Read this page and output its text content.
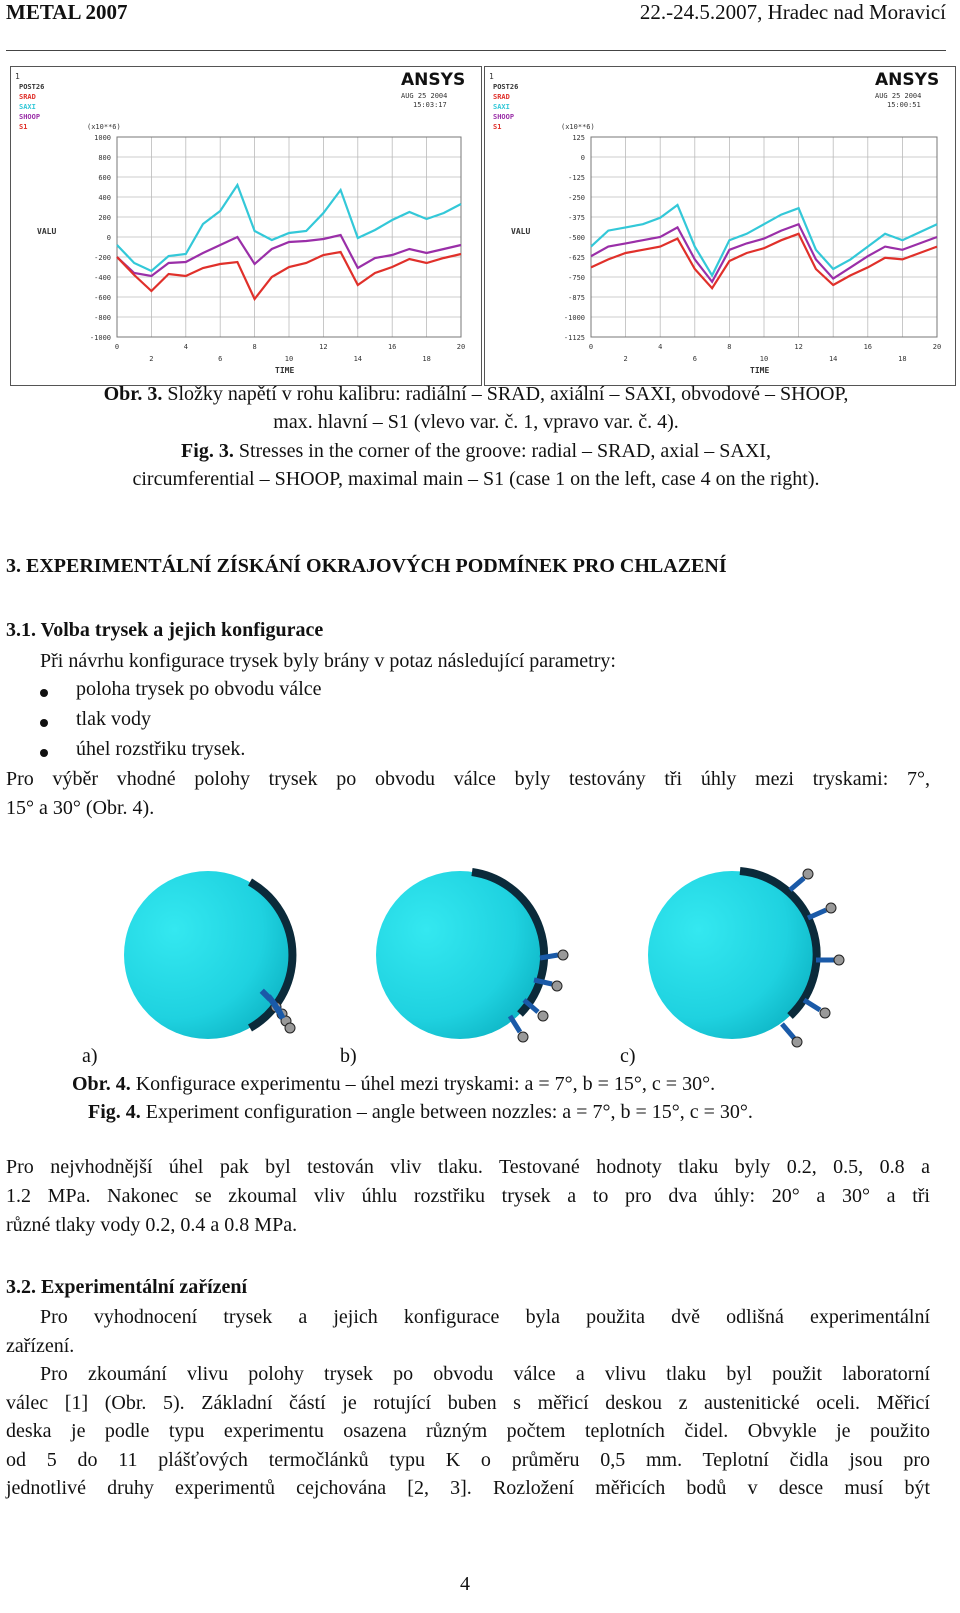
METAL 2007	22.-24.5.2007, Hradec nad Moravicí
1
POST26
SRAD
SAXI
SHOOP
S1
ANSYS
AUG 25 2004
15:03:17
(x10**6)
VALU
TIME
1000
800
600
400
200
0
-200
-400
-600
-800
-1000
0	4	8	12	16	20
2	6	10	14	18
1
POST26
SRAD
SAXI
SHOOP
S1
ANSYS
AUG 25 2004
15:00:51
(x10**6)
VALU
TIME
125
0
-125
-250
-375
-500
-625
-750
-875
-1000
-1125
0	4	8	12	16	20
2	6	10	14	18
Obr. 3. Složky napětí v rohu kalibru: radiální – SRAD, axiální – SAXI, obvodové – SHOOP,
max. hlavní – S1 (vlevo var. č. 1, vpravo var. č. 4).
Fig. 3. Stresses in the corner of the groove: radial – SRAD, axial – SAXI,
circumferential – SHOOP, maximal main – S1 (case 1 on the left, case 4 on the right).
3. EXPERIMENTÁLNÍ ZÍSKÁNÍ OKRAJOVÝCH PODMÍNEK PRO CHLAZENÍ
3.1. Volba trysek a jejich konfigurace
Při návrhu konfigurace trysek byly brány v potaz následující parametry:
poloha trysek po obvodu válce
tlak vody
úhel rozstřiku trysek.
Pro výběr vhodné polohy trysek po obvodu válce byly testovány tři úhly mezi tryskami: 7°,
15° a 30° (Obr. 4).
a)	b)	c)
Obr. 4. Konfigurace experimentu – úhel mezi tryskami: a = 7°, b = 15°, c = 30°.
Fig. 4. Experiment configuration – angle between nozzles: a = 7°, b = 15°, c = 30°.
Pro nejvhodnější úhel pak byl testován vliv tlaku. Testované hodnoty tlaku byly 0.2, 0.5, 0.8 a
1.2 MPa. Nakonec se zkoumal vliv úhlu rozstřiku trysek a to pro dva úhly: 20° a 30° a tři
různé tlaky vody 0.2, 0.4 a 0.8 MPa.
3.2. Experimentální zařízení
Pro vyhodnocení trysek a jejich konfigurace byla použita dvě odlišná experimentální
zařízení.
Pro zkoumání vlivu polohy trysek po obvodu válce a vlivu tlaku byl použit laboratorní
válec [1] (Obr. 5). Základní částí je rotující buben s měřicí deskou z austenitické oceli. Měřicí
deska je podle typu experimentu osazena různým počtem teplotních čidel. Obvykle je použito
od 5 do 11 plášťových termočlánků typu K o průměru 0,5 mm. Teplotní čidla jsou pro
jednotlivé druhy experimentů cejchována [2, 3]. Rozložení měřicích bodů v desce musí být
4
